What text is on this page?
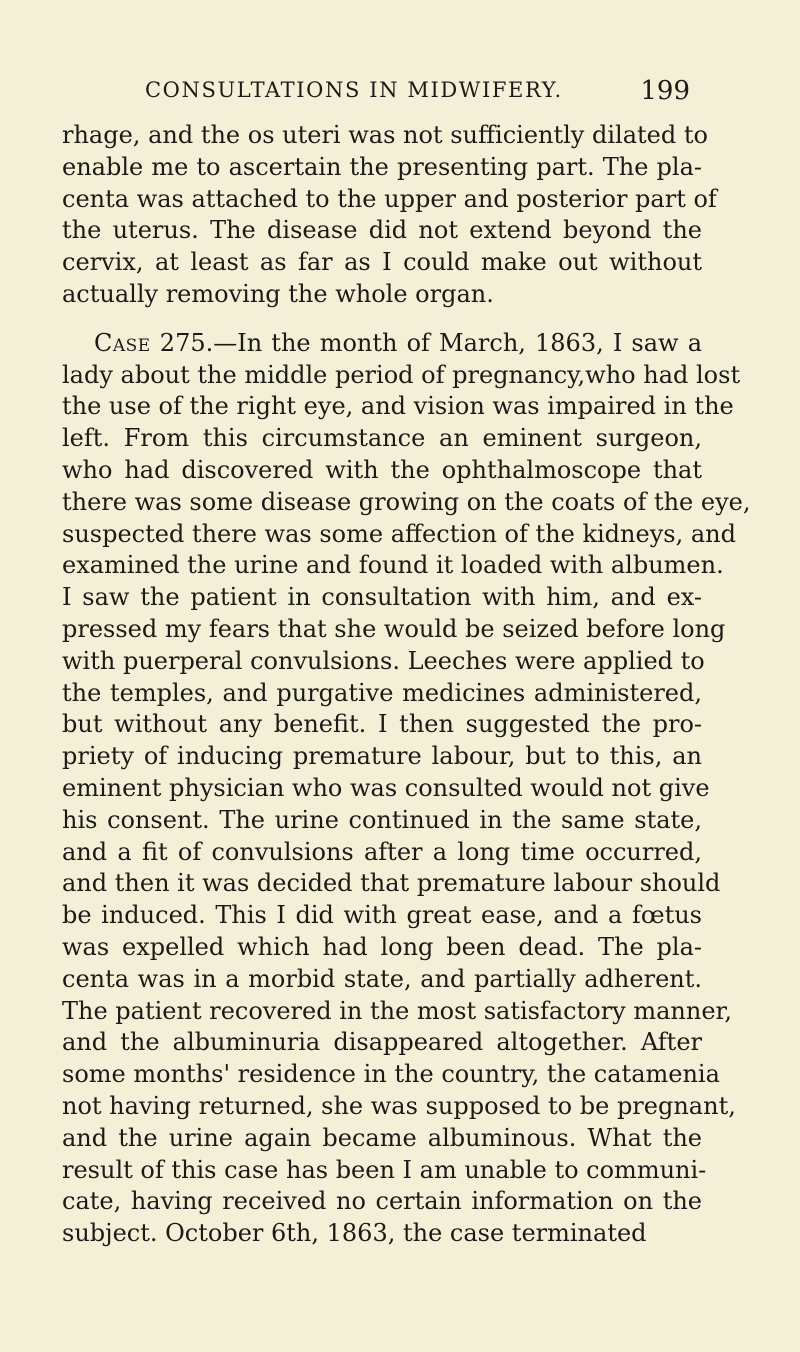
CONSULTATIONS IN MIDWIFERY.	199
rhage, and the os uteri was not sufficiently dilated to
enable me to ascertain the presenting part. The pla-
centa was attached to the upper and posterior part of
the uterus. The disease did not extend beyond the
cervix, at least as far as I could make out without
actually removing the whole organ.
Case 275.—In the month of March, 1863, I saw a
lady about the middle period of pregnancy,who had lost
the use of the right eye, and vision was impaired in the
left. From this circumstance an eminent surgeon,
who had discovered with the ophthalmoscope that
there was some disease growing on the coats of the eye,
suspected there was some affection of the kidneys, and
examined the urine and found it loaded with albumen.
I saw the patient in consultation with him, and ex-
pressed my fears that she would be seized before long
with puerperal convulsions. Leeches were applied to
the temples, and purgative medicines administered,
but without any benefit. I then suggested the pro-
priety of inducing premature labour, but to this, an
eminent physician who was consulted would not give
his consent. The urine continued in the same state,
and a fit of convulsions after a long time occurred,
and then it was decided that premature labour should
be induced. This I did with great ease, and a fœtus
was expelled which had long been dead. The pla-
centa was in a morbid state, and partially adherent.
The patient recovered in the most satisfactory manner,
and the albuminuria disappeared altogether. After
some months' residence in the country, the catamenia
not having returned, she was supposed to be pregnant,
and the urine again became albuminous. What the
result of this case has been I am unable to communi-
cate, having received no certain information on the
subject. October 6th, 1863, the case terminated
